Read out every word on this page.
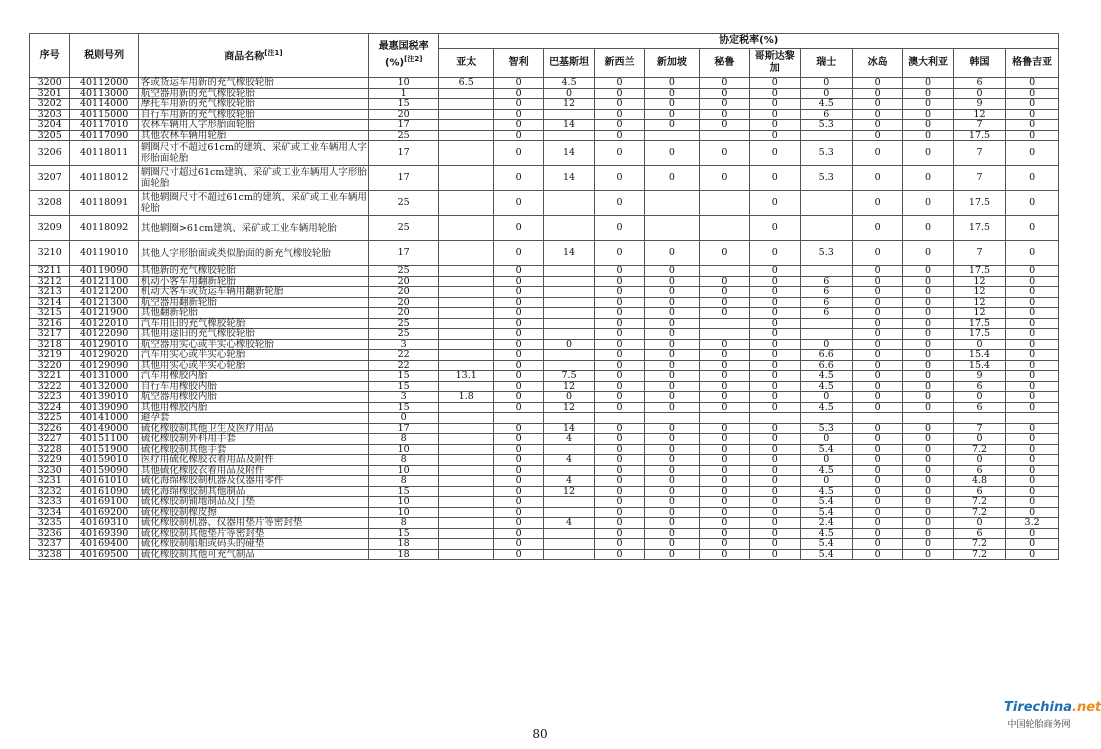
序号	税则号列	商品名称[注1]	最惠国税率
(%)[注2]	协定税率(%)											
				亚太	智利	巴基斯坦	新西兰	新加坡	秘鲁	哥斯达黎加	瑞士	冰岛	澳大利亚	韩国	格鲁吉亚
3200	40112000	客或货运车用新的充气橡胶轮胎	10	6.5	0	4.5	0	0	0	0	0	0	0	6	0
3201	40113000	航空器用新的充气橡胶轮胎	1		0	0	0	0	0	0	0	0	0	0	0
3202	40114000	摩托车用新的充气橡胶轮胎	15		0	12	0	0	0	0	4.5	0	0	9	0
3203	40115000	自行车用新的充气橡胶轮胎	20		0		0	0	0	0	6	0	0	12	0
3204	40117010	农林车辆用人字形胎面轮胎	17		0	14	0	0	0	0	5.3	0	0	7	0
3205	40117090	其他农林车辆用轮胎	25		0		0			0		0	0	17.5	0
3206	40118011	辋圈尺寸不超过61cm的建筑、采矿或工业车辆用人字形胎面轮胎	17		0	14	0	0	0	0	5.3	0	0	7	0
3207	40118012	辋圈尺寸超过61cm建筑、采矿或工业车辆用人字形胎面轮胎	17		0	14	0	0	0	0	5.3	0	0	7	0
3208	40118091	其他辋圈尺寸不超过61cm的建筑、采矿或工业车辆用轮胎	25		0		0			0		0	0	17.5	0
3209	40118092	其他辋圈>61cm建筑、采矿或工业车辆用轮胎	25		0		0			0		0	0	17.5	0
3210	40119010	其他人字形胎面或类似胎面的新充气橡胶轮胎	17		0	14	0	0	0	0	5.3	0	0	7	0
3211	40119090	其他新的充气橡胶轮胎	25		0		0	0		0		0	0	17.5	0
3212	40121100	机动小客车用翻新轮胎	20		0		0	0	0	0	6	0	0	12	0
3213	40121200	机动大客车或货运车辆用翻新轮胎	20		0		0	0	0	0	6	0	0	12	0
3214	40121300	航空器用翻新轮胎	20		0		0	0	0	0	6	0	0	12	0
3215	40121900	其他翻新轮胎	20		0		0	0	0	0	6	0	0	12	0
3216	40122010	汽车用旧的充气橡胶轮胎	25		0		0	0		0		0	0	17.5	0
3217	40122090	其他用途旧的充气橡胶轮胎	25		0		0	0		0		0	0	17.5	0
3218	40129010	航空器用实心或半实心橡胶轮胎	3		0	0	0	0	0	0	0	0	0	0	0
3219	40129020	汽车用实心或半实心轮胎	22		0		0	0	0	0	6.6	0	0	15.4	0
3220	40129090	其他用实心或半实心轮胎	22		0		0	0	0	0	6.6	0	0	15.4	0
3221	40131000	汽车用橡胶内胎	15	13.1	0	7.5	0	0	0	0	4.5	0	0	9	0
3222	40132000	自行车用橡胶内胎	15		0	12	0	0	0	0	4.5	0	0	6	0
3223	40139010	航空器用橡胶内胎	3	1.8	0	0	0	0	0	0	0	0	0	0	0
3224	40139090	其他用橡胶内胎	15		0	12	0	0	0	0	4.5	0	0	6	0
3225	40141000	避孕套	0												
3226	40149000	硫化橡胶制其他卫生及医疗用品	17		0	14	0	0	0	0	5.3	0	0	7	0
3227	40151100	硫化橡胶制外科用手套	8		0	4	0	0	0	0	0	0	0	0	0
3228	40151900	硫化橡胶制其他手套	10		0		0	0	0	0	5.4	0	0	7.2	0
3229	40159010	医疗用硫化橡胶衣着用品及附件	8		0	4	0	0	0	0	0	0	0	0	0
3230	40159090	其他硫化橡胶衣着用品及附件	10		0		0	0	0	0	4.5	0	0	6	0
3231	40161010	硫化海绵橡胶制机器及仪器用零件	8		0	4	0	0	0	0	0	0	0	4.8	0
3232	40161090	硫化海绵橡胶制其他制品	15		0	12	0	0	0	0	4.5	0	0	6	0
3233	40169100	硫化橡胶制铺地制品及门垫	10		0		0	0	0	0	5.4	0	0	7.2	0
3234	40169200	硫化橡胶制橡皮擦	10		0		0	0	0	0	5.4	0	0	7.2	0
3235	40169310	硫化橡胶制机器、仪器用垫片等密封垫	8		0	4	0	0	0	0	2.4	0	0	0	3.2
3236	40169390	硫化橡胶制其他垫片等密封垫	15		0		0	0	0	0	4.5	0	0	6	0
3237	40169400	硫化橡胶制船舶或码头的碰垫	18		0		0	0	0	0	5.4	0	0	7.2	0
3238	40169500	硫化橡胶制其他可充气制品	18		0		0	0	0	0	5.4	0	0	7.2	0
80
Tirechina.net
中国轮胎商务网
